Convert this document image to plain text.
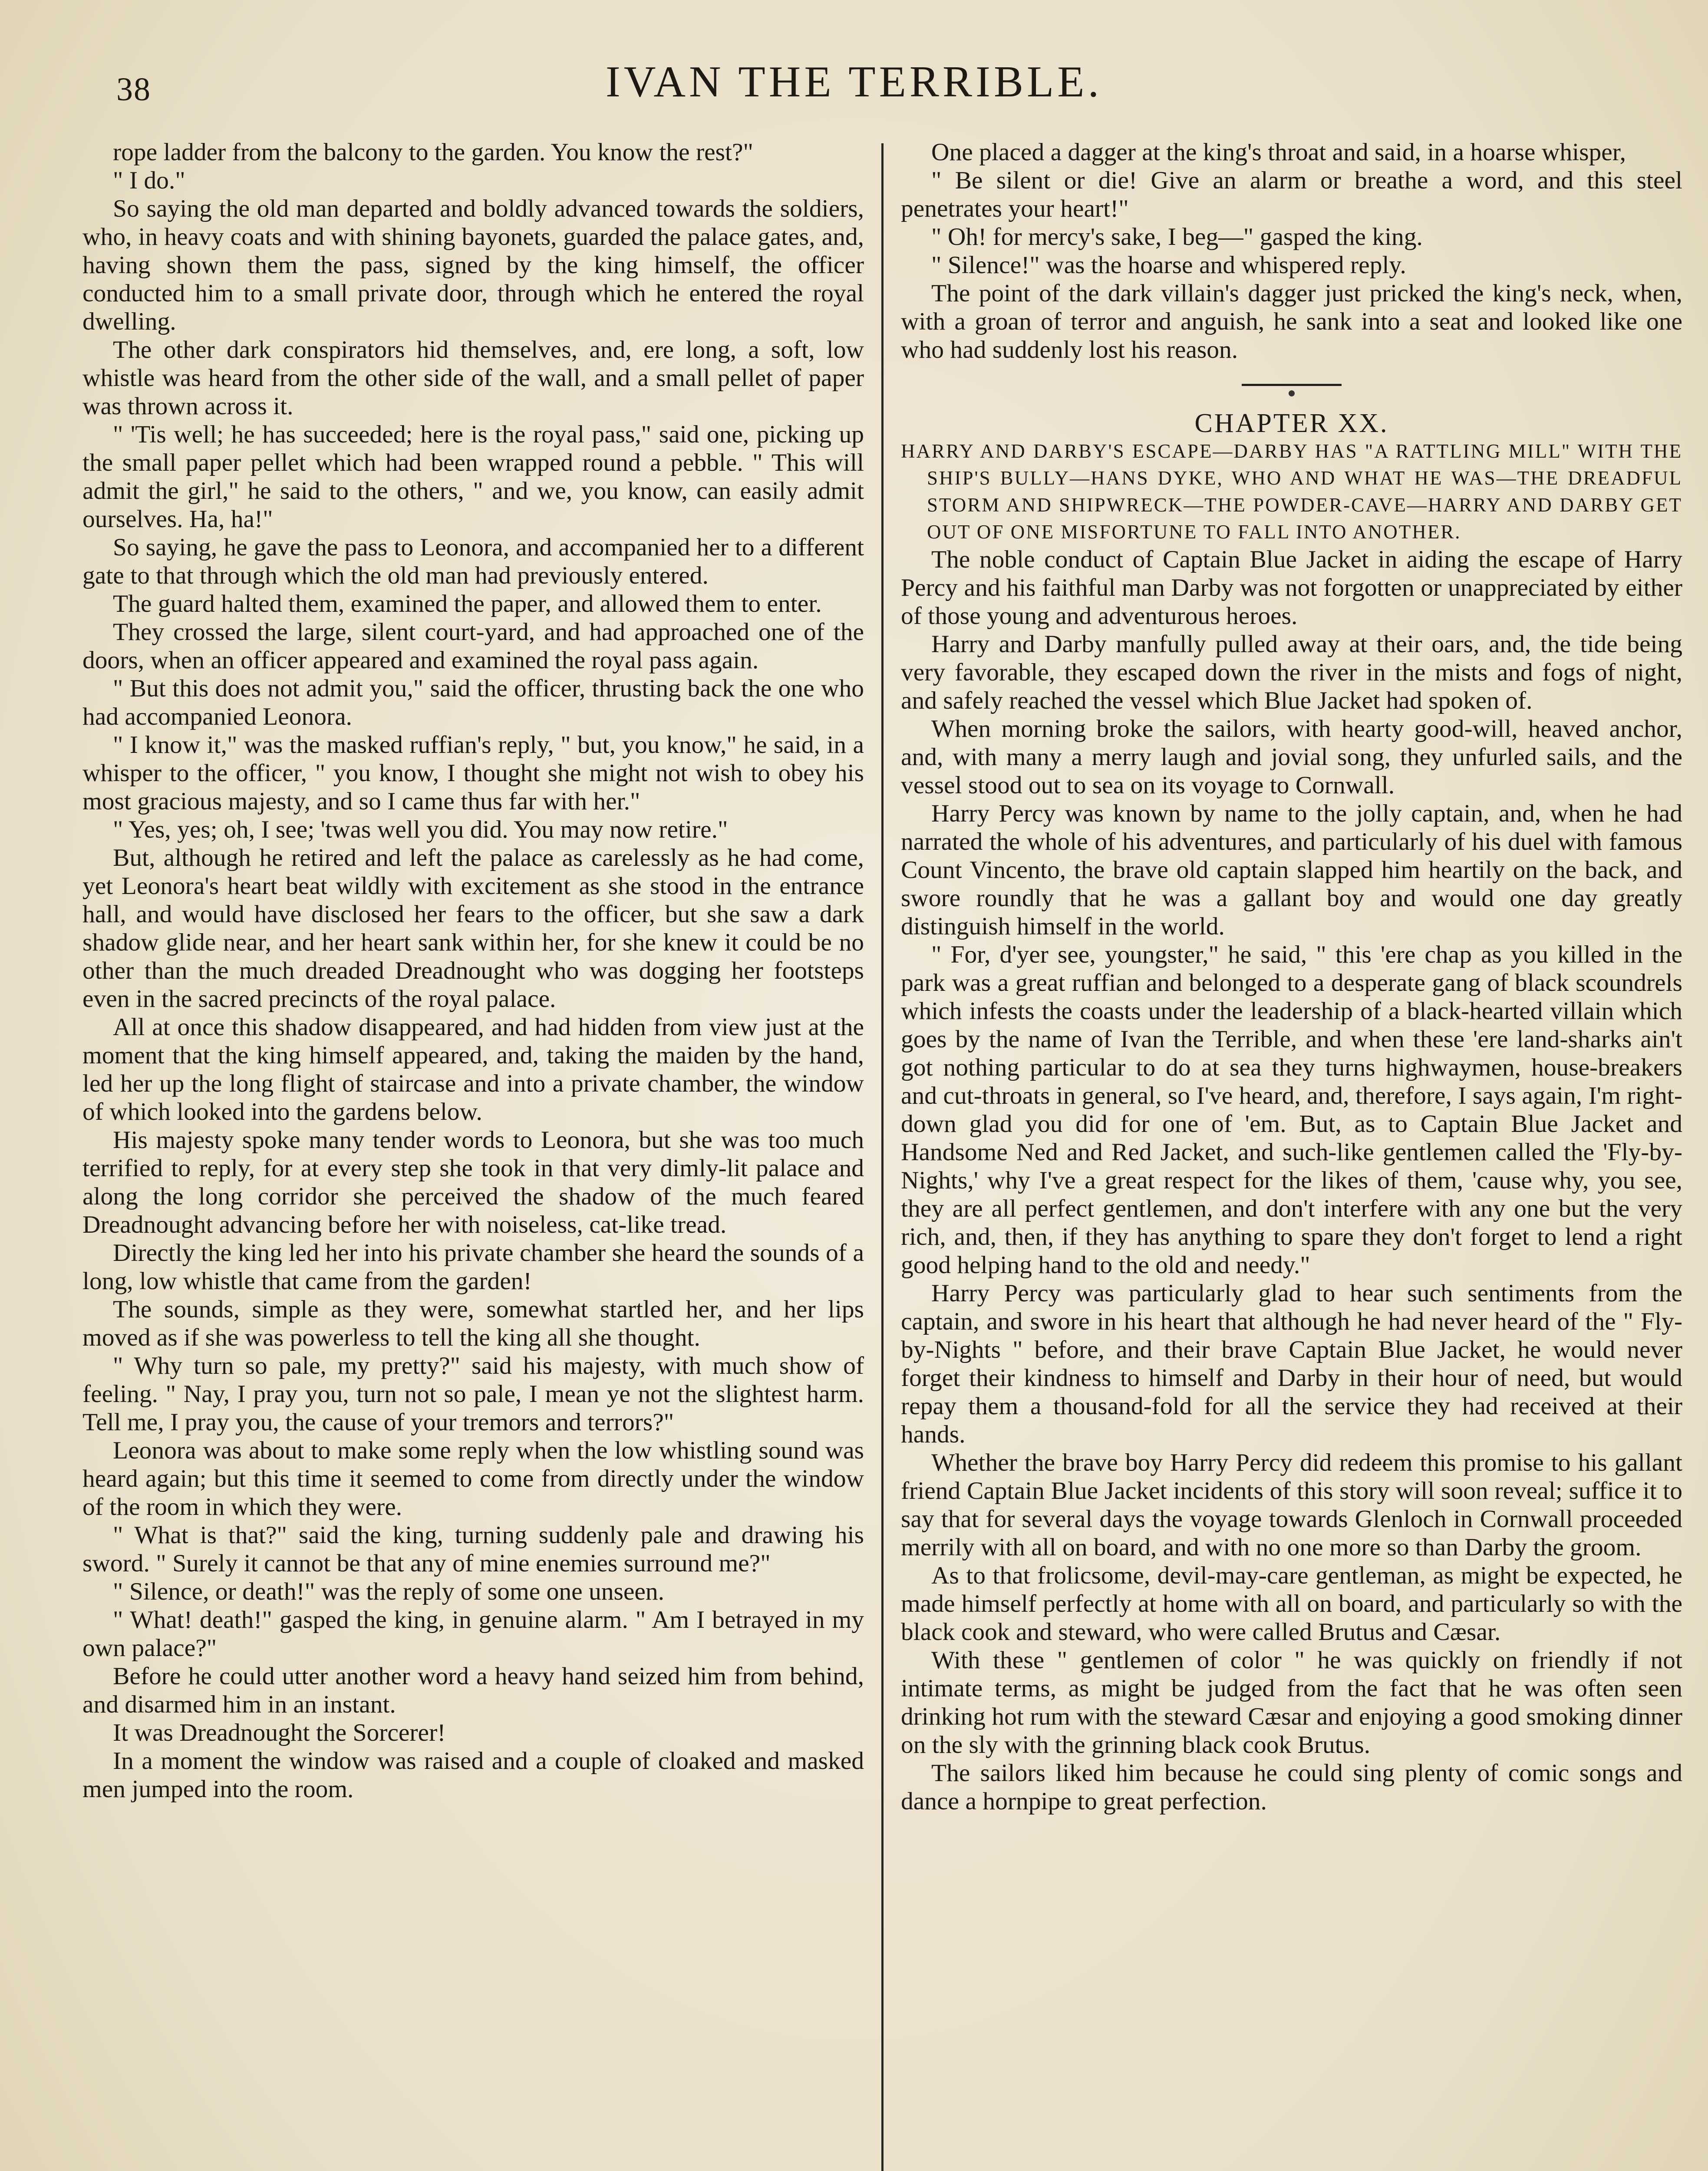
38	IVAN THE TERRIBLE.

rope ladder from the balcony to the garden. You know the rest?"

" I do."

So saying the old man departed and boldly advanced towards the soldiers, who, in heavy coats and with shining bayonets, guarded the palace gates, and, having shown them the pass, signed by the king himself, the officer conducted him to a small private door, through which he entered the royal dwelling.

The other dark conspirators hid themselves, and, ere long, a soft, low whistle was heard from the other side of the wall, and a small pellet of paper was thrown across it.

" 'Tis well; he has succeeded; here is the royal pass," said one, picking up the small paper pellet which had been wrapped round a pebble. " This will admit the girl," he said to the others, " and we, you know, can easily admit ourselves. Ha, ha!"

So saying, he gave the pass to Leonora, and accompanied her to a different gate to that through which the old man had previously entered.

The guard halted them, examined the paper, and allowed them to enter.

They crossed the large, silent court-yard, and had approached one of the doors, when an officer appeared and examined the royal pass again.

" But this does not admit you," said the officer, thrusting back the one who had accompanied Leonora.

" I know it," was the masked ruffian's reply, " but, you know," he said, in a whisper to the officer, " you know, I thought she might not wish to obey his most gracious majesty, and so I came thus far with her."

" Yes, yes; oh, I see; 'twas well you did. You may now retire."

But, although he retired and left the palace as carelessly as he had come, yet Leonora's heart beat wildly with excitement as she stood in the entrance hall, and would have disclosed her fears to the officer, but she saw a dark shadow glide near, and her heart sank within her, for she knew it could be no other than the much dreaded Dreadnought who was dogging her footsteps even in the sacred precincts of the royal palace.

All at once this shadow disappeared, and had hidden from view just at the moment that the king himself appeared, and, taking the maiden by the hand, led her up the long flight of staircase and into a private chamber, the window of which looked into the gardens below.

His majesty spoke many tender words to Leonora, but she was too much terrified to reply, for at every step she took in that very dimly-lit palace and along the long corridor she perceived the shadow of the much feared Dreadnought advancing before her with noiseless, cat-like tread.

Directly the king led her into his private chamber she heard the sounds of a long, low whistle that came from the garden!

The sounds, simple as they were, somewhat startled her, and her lips moved as if she was powerless to tell the king all she thought.

" Why turn so pale, my pretty?" said his majesty, with much show of feeling. " Nay, I pray you, turn not so pale, I mean ye not the slightest harm. Tell me, I pray you, the cause of your tremors and terrors?"

Leonora was about to make some reply when the low whistling sound was heard again; but this time it seemed to come from directly under the window of the room in which they were.

" What is that?" said the king, turning suddenly pale and drawing his sword. " Surely it cannot be that any of mine enemies surround me?"

" Silence, or death!" was the reply of some one unseen.

" What! death!" gasped the king, in genuine alarm. " Am I betrayed in my own palace?"

Before he could utter another word a heavy hand seized him from behind, and disarmed him in an instant.

It was Dreadnought the Sorcerer!

In a moment the window was raised and a couple of cloaked and masked men jumped into the room.

One placed a dagger at the king's throat and said, in a hoarse whisper,

" Be silent or die! Give an alarm or breathe a word, and this steel penetrates your heart!"

" Oh! for mercy's sake, I beg—" gasped the king.

" Silence!" was the hoarse and whispered reply.

The point of the dark villain's dagger just pricked the king's neck, when, with a groan of terror and anguish, he sank into a seat and looked like one who had suddenly lost his reason.

CHAPTER XX.

HARRY AND DARBY'S ESCAPE—DARBY HAS "A RATTLING MILL" WITH THE SHIP'S BULLY—HANS DYKE, WHO AND WHAT HE WAS—THE DREADFUL STORM AND SHIPWRECK—THE POWDER-CAVE—HARRY AND DARBY GET OUT OF ONE MISFORTUNE TO FALL INTO ANOTHER.

The noble conduct of Captain Blue Jacket in aiding the escape of Harry Percy and his faithful man Darby was not forgotten or unappreciated by either of those young and adventurous heroes.

Harry and Darby manfully pulled away at their oars, and, the tide being very favorable, they escaped down the river in the mists and fogs of night, and safely reached the vessel which Blue Jacket had spoken of.

When morning broke the sailors, with hearty good-will, heaved anchor, and, with many a merry laugh and jovial song, they unfurled sails, and the vessel stood out to sea on its voyage to Cornwall.

Harry Percy was known by name to the jolly captain, and, when he had narrated the whole of his adventures, and particularly of his duel with famous Count Vincento, the brave old captain slapped him heartily on the back, and swore roundly that he was a gallant boy and would one day greatly distinguish himself in the world.

" For, d'yer see, youngster," he said, " this 'ere chap as you killed in the park was a great ruffian and belonged to a desperate gang of black scoundrels which infests the coasts under the leadership of a black-hearted villain which goes by the name of Ivan the Terrible, and when these 'ere land-sharks ain't got nothing particular to do at sea they turns highwaymen, house-breakers and cut-throats in general, so I've heard, and, therefore, I says again, I'm right-down glad you did for one of 'em. But, as to Captain Blue Jacket and Handsome Ned and Red Jacket, and such-like gentlemen called the 'Fly-by-Nights,' why I've a great respect for the likes of them, 'cause why, you see, they are all perfect gentlemen, and don't interfere with any one but the very rich, and, then, if they has anything to spare they don't forget to lend a right good helping hand to the old and needy."

Harry Percy was particularly glad to hear such sentiments from the captain, and swore in his heart that although he had never heard of the " Fly-by-Nights " before, and their brave Captain Blue Jacket, he would never forget their kindness to himself and Darby in their hour of need, but would repay them a thousand-fold for all the service they had received at their hands.

Whether the brave boy Harry Percy did redeem this promise to his gallant friend Captain Blue Jacket incidents of this story will soon reveal; suffice it to say that for several days the voyage towards Glenloch in Cornwall proceeded merrily with all on board, and with no one more so than Darby the groom.

As to that frolicsome, devil-may-care gentleman, as might be expected, he made himself perfectly at home with all on board, and particularly so with the black cook and steward, who were called Brutus and Cæsar.

With these " gentlemen of color " he was quickly on friendly if not intimate terms, as might be judged from the fact that he was often seen drinking hot rum with the steward Cæsar and enjoying a good smoking dinner on the sly with the grinning black cook Brutus.

The sailors liked him because he could sing plenty of comic songs and dance a hornpipe to great perfection.
